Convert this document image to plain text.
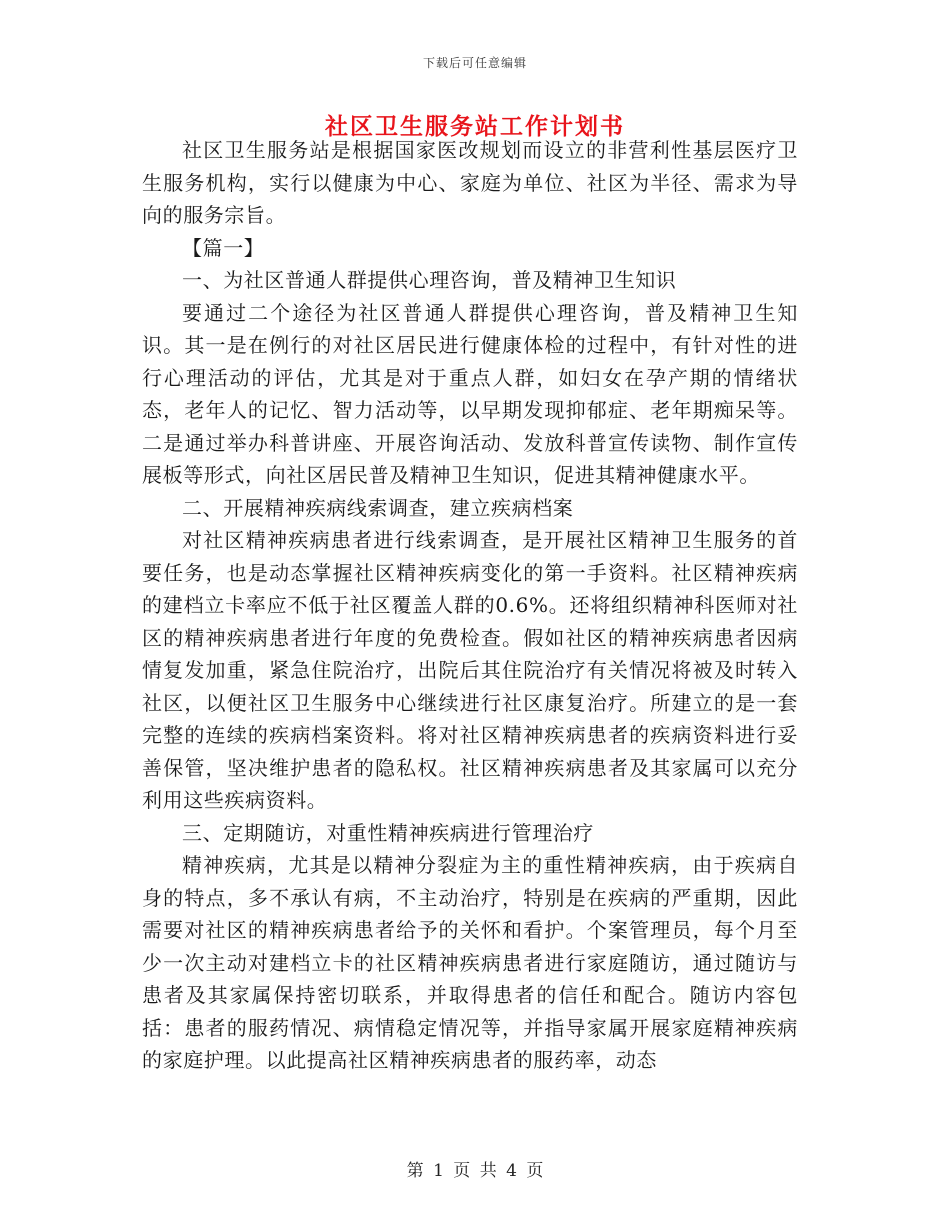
下载后可任意编辑
社区卫生服务站工作计划书

社区卫生服务站是根据国家医改规划而设立的非营利性基层医疗卫生服务机构，实行以健康为中心、家庭为单位、社区为半径、需求为导向的服务宗旨。

【篇一】

一、为社区普通人群提供心理咨询，普及精神卫生知识

要通过二个途径为社区普通人群提供心理咨询，普及精神卫生知识。其一是在例行的对社区居民进行健康体检的过程中，有针对性的进行心理活动的评估，尤其是对于重点人群，如妇女在孕产期的情绪状态，老年人的记忆、智力活动等，以早期发现抑郁症、老年期痴呆等。二是通过举办科普讲座、开展咨询活动、发放科普宣传读物、制作宣传展板等形式，向社区居民普及精神卫生知识，促进其精神健康水平。

二、开展精神疾病线索调查，建立疾病档案

对社区精神疾病患者进行线索调查，是开展社区精神卫生服务的首要任务，也是动态掌握社区精神疾病变化的第一手资料。社区精神疾病的建档立卡率应不低于社区覆盖人群的0.6%。还将组织精神科医师对社区的精神疾病患者进行年度的免费检查。假如社区的精神疾病患者因病情复发加重，紧急住院治疗，出院后其住院治疗有关情况将被及时转入社区，以便社区卫生服务中心继续进行社区康复治疗。所建立的是一套完整的连续的疾病档案资料。将对社区精神疾病患者的疾病资料进行妥善保管，坚决维护患者的隐私权。社区精神疾病患者及其家属可以充分利用这些疾病资料。

三、定期随访，对重性精神疾病进行管理治疗

精神疾病，尤其是以精神分裂症为主的重性精神疾病，由于疾病自身的特点，多不承认有病，不主动治疗，特别是在疾病的严重期，因此需要对社区的精神疾病患者给予的关怀和看护。个案管理员，每个月至少一次主动对建档立卡的社区精神疾病患者进行家庭随访，通过随访与患者及其家属保持密切联系，并取得患者的信任和配合。随访内容包括：患者的服药情况、病情稳定情况等，并指导家属开展家庭精神疾病的家庭护理。以此提高社区精神疾病患者的服药率，动态

第 1 页 共 4 页
